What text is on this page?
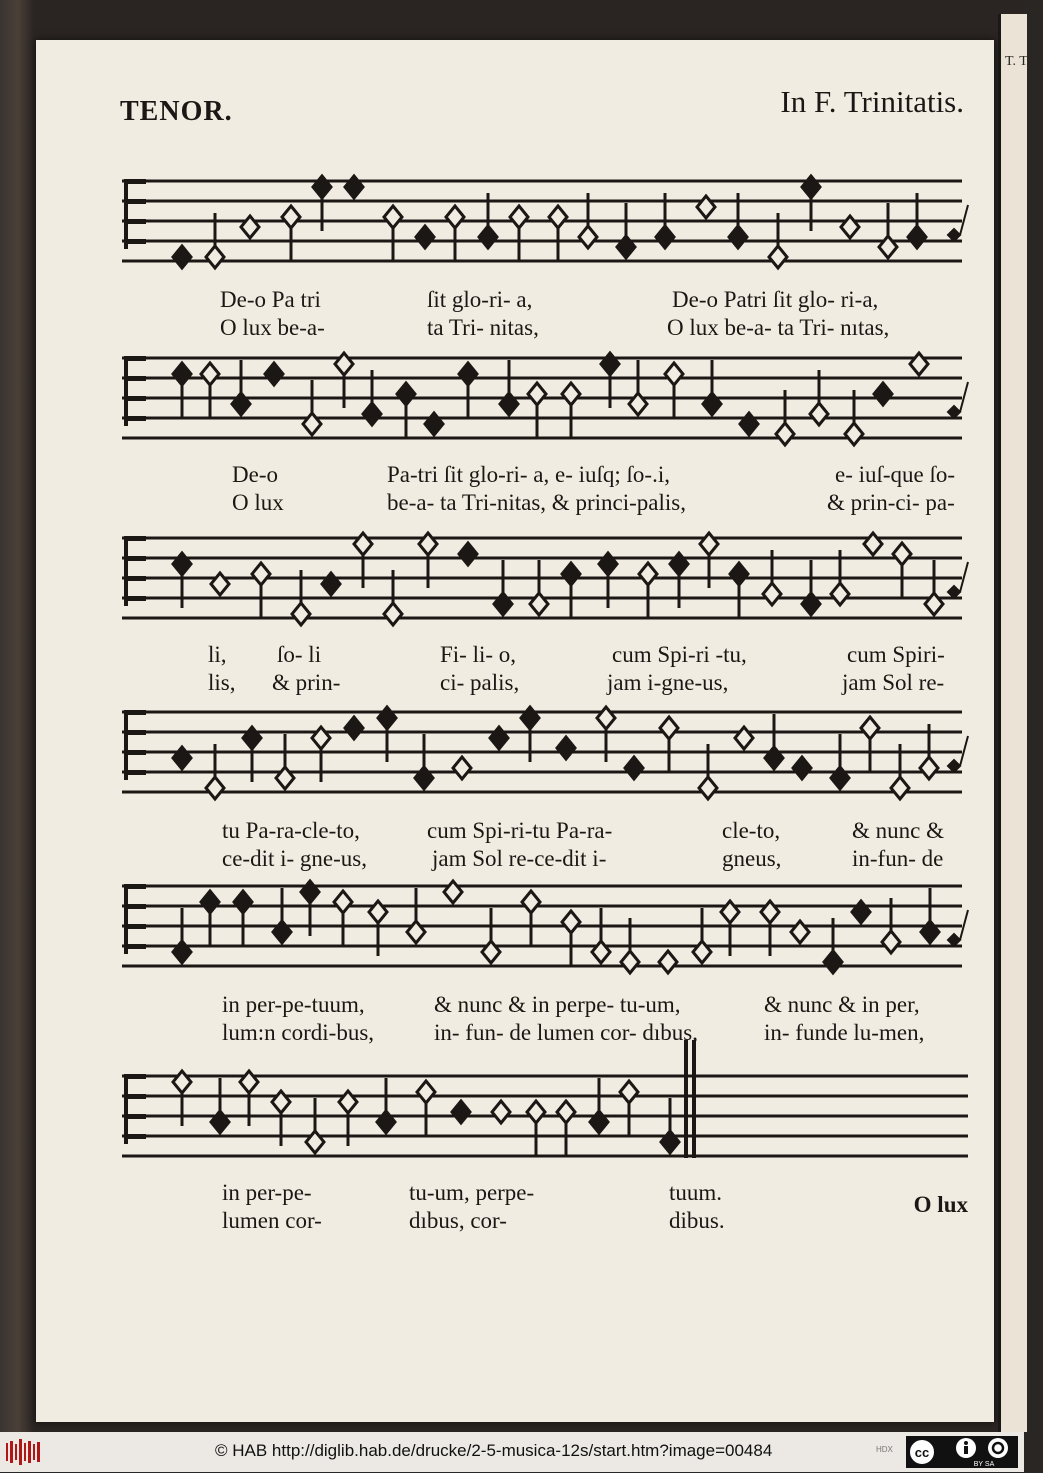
T. Trin
TENOR.	In F. Trinitatis.
O lux
De-o Pa tri	ſit glo-ri- a,	De-o Patri ſit glo- ri-a,
O lux be-a-	ta Tri- nitas,	O lux be-a- ta Tri- nıtas,
De-o	Pa-tri ſit glo-ri- a, e- iuſq; ſo-.i,	e- iuſ-que ſo-
O lux	be-a- ta Tri-nitas, & princi-palis,	& prin-ci- pa-
li, ſo- li	Fi- li- o,	cum Spi-ri -tu,	cum Spiri-
lis, & prin-	ci- palis,	jam i-gne-us,	jam Sol re-
tu Pa-ra-cle-to,	cum Spi-ri-tu Pa-ra-	cle-to,	& nunc &
ce-dit i- gne-us,	jam Sol re-ce-dit i-	gneus,	in-fun- de
in per-pe-tuum,	& nunc & in perpe- tu-um,	& nunc & in per,
lum:n cordi-bus,	in- fun- de lumen cor- dıbus,	in- funde lu-men,
in per-pe-	tu-um, perpe-	tuum.
lumen cor-	dıbus, cor-	dibus.
© HAB http://diglib.hab.de/drucke/2-5-musica-12s/start.htm?image=00484	HDX cc
BY SA
